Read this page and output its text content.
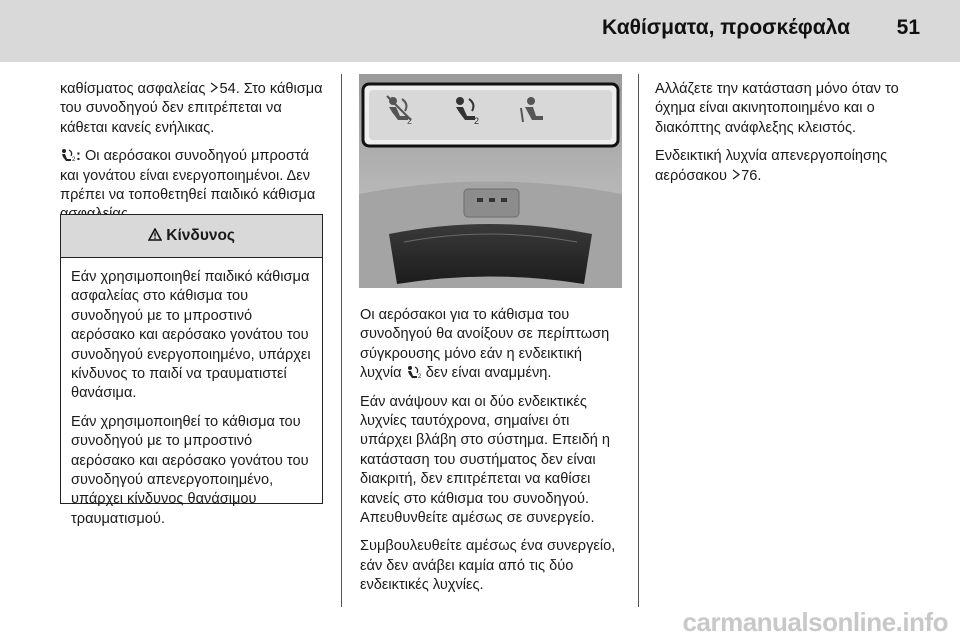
Καθίσματα, προσκέφαλα 51

καθίσματος ασφαλείας 54. Στο κάθισμα του συνοδηγού δεν επιτρέπεται να κάθεται κανείς ενήλικας.

2 : Οι αερόσακοι συνοδηγού μπροστά και γονάτου είναι ενεργοποιημένοι. Δεν πρέπει να τοποθετηθεί παιδικό κάθισμα

Κίνδυνος

Εάν χρησιμοποιηθεί παιδικό κάθισμα ασφαλείας στο κάθισμα του συνοδηγού με το μπροστινό αερόσακο και αερόσακο γονάτου του συνοδηγού ενεργοποιημένο, υπάρχει κίνδυνος το παιδί να τραυματιστεί θανάσιμα.

Εάν χρησιμοποιηθεί το κάθισμα του συνοδηγού με το μπροστινό αερόσακο και αερόσακο γονάτου του συνοδηγού απενεργοποιημένο, υπάρχει κίνδυνος θανάσιμου τραυματισμού.

2	2

Οι αερόσακοι για το κάθισμα του συνοδηγού θα ανοίξουν σε περίπτωση σύγκρουσης μόνο εάν η ενδεικτική λυχνία	2 δεν είναι αναμμένη.

Εάν ανάψουν και οι δύο ενδεικτικές λυχνίες ταυτόχρονα, σημαίνει ότι υπάρχει βλάβη στο σύστημα. Επειδή η κατάσταση του συστήματος δεν είναι διακριτή, δεν επιτρέπεται να καθίσει κανείς στο κάθισμα του συνοδηγού. Απευθυνθείτε αμέσως σε συνεργείο.

Συμβουλευθείτε αμέσως ένα συνεργείο, εάν δεν ανάβει καμία από τις δύο ενδεικτικές λυχνίες.

Αλλάζετε την κατάσταση μόνο όταν το όχημα είναι ακινητοποιημένο και ο διακόπτης ανάφλεξης κλειστός.

Ενδεικτική λυχνία απενεργοποίησης αερόσακου 76.

carmanualsonline.info
